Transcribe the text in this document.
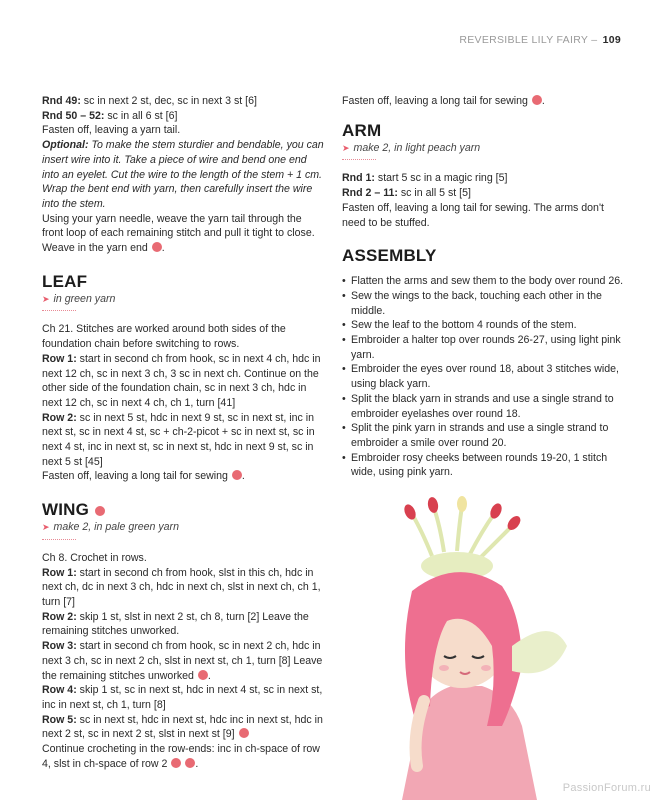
REVERSIBLE LILY FAIRY – 109

Rnd 49: sc in next 2 st, dec, sc in next 3 st [6]

Rnd 50 – 52: sc in all 6 st [6]

Fasten off, leaving a yarn tail.

Optional: To make the stem sturdier and bendable, you can insert wire into it. Take a piece of wire and bend one end into an eyelet. Cut the wire to the length of the stem + 1 cm. Wrap the bent end with yarn, then carefully insert the wire into the stem.

Using your yarn needle, weave the yarn tail through the front loop of each remaining stitch and pull it tight to close. Weave in the yarn end .

LEAF

➤ in green yarn

Ch 21. Stitches are worked around both sides of the foundation chain before switching to rows.

Row 1: start in second ch from hook, sc in next 4 ch, hdc in next 12 ch, sc in next 3 ch, 3 sc in next ch. Continue on the other side of the foundation chain, sc in next 3 ch, hdc in next 12 ch, sc in next 4 ch, ch 1, turn [41]

Row 2: sc in next 5 st, hdc in next 9 st, sc in next st, inc in next st, sc in next 4 st, sc + ch-2-picot + sc in next st, sc in next 4 st, inc in next st, sc in next st, hdc in next 9 st, sc in next 5 st [45]

Fasten off, leaving a long tail for sewing .

WING

➤ make 2, in pale green yarn

Ch 8. Crochet in rows.

Row 1: start in second ch from hook, slst in this ch, hdc in next ch, dc in next 3 ch, hdc in next ch, slst in next ch, ch 1, turn [7]

Row 2: skip 1 st, slst in next 2 st, ch 8, turn [2] Leave the remaining stitches unworked.

Row 3: start in second ch from hook, sc in next 2 ch, hdc in next 3 ch, sc in next 2 ch, slst in next st, ch 1, turn [8] Leave the remaining stitches unworked .

Row 4: skip 1 st, sc in next st, hdc in next 4 st, sc in next st, inc in next st, ch 1, turn [8]

Row 5: sc in next st, hdc in next st, hdc inc in next st, hdc in next 2 st, sc in next 2 st, slst in next st [9]

Continue crocheting in the row-ends: inc in ch-space of row 4, slst in ch-space of row 2	.

Fasten off, leaving a long tail for sewing .

ARM

➤ make 2, in light peach yarn

Rnd 1: start 5 sc in a magic ring [5]

Rnd 2 – 11: sc in all 5 st [5]

Fasten off, leaving a long tail for sewing. The arms don't need to be stuffed.

ASSEMBLY
• Flatten the arms and sew them to the body over round 26.
• Sew the wings to the back, touching each other in the middle.
• Sew the leaf to the bottom 4 rounds of the stem.
• Embroider a halter top over rounds 26-27, using light pink yarn.
• Embroider the eyes over round 18, about 3 stitches wide, using black yarn.
• Split the black yarn in strands and use a single strand to embroider eyelashes over round 18.
• Split the pink yarn in strands and use a single strand to embroider a smile over round 20.
• Embroider rosy cheeks between rounds 19-20, 1 stitch wide, using pink yarn.
PassionForum.ru
